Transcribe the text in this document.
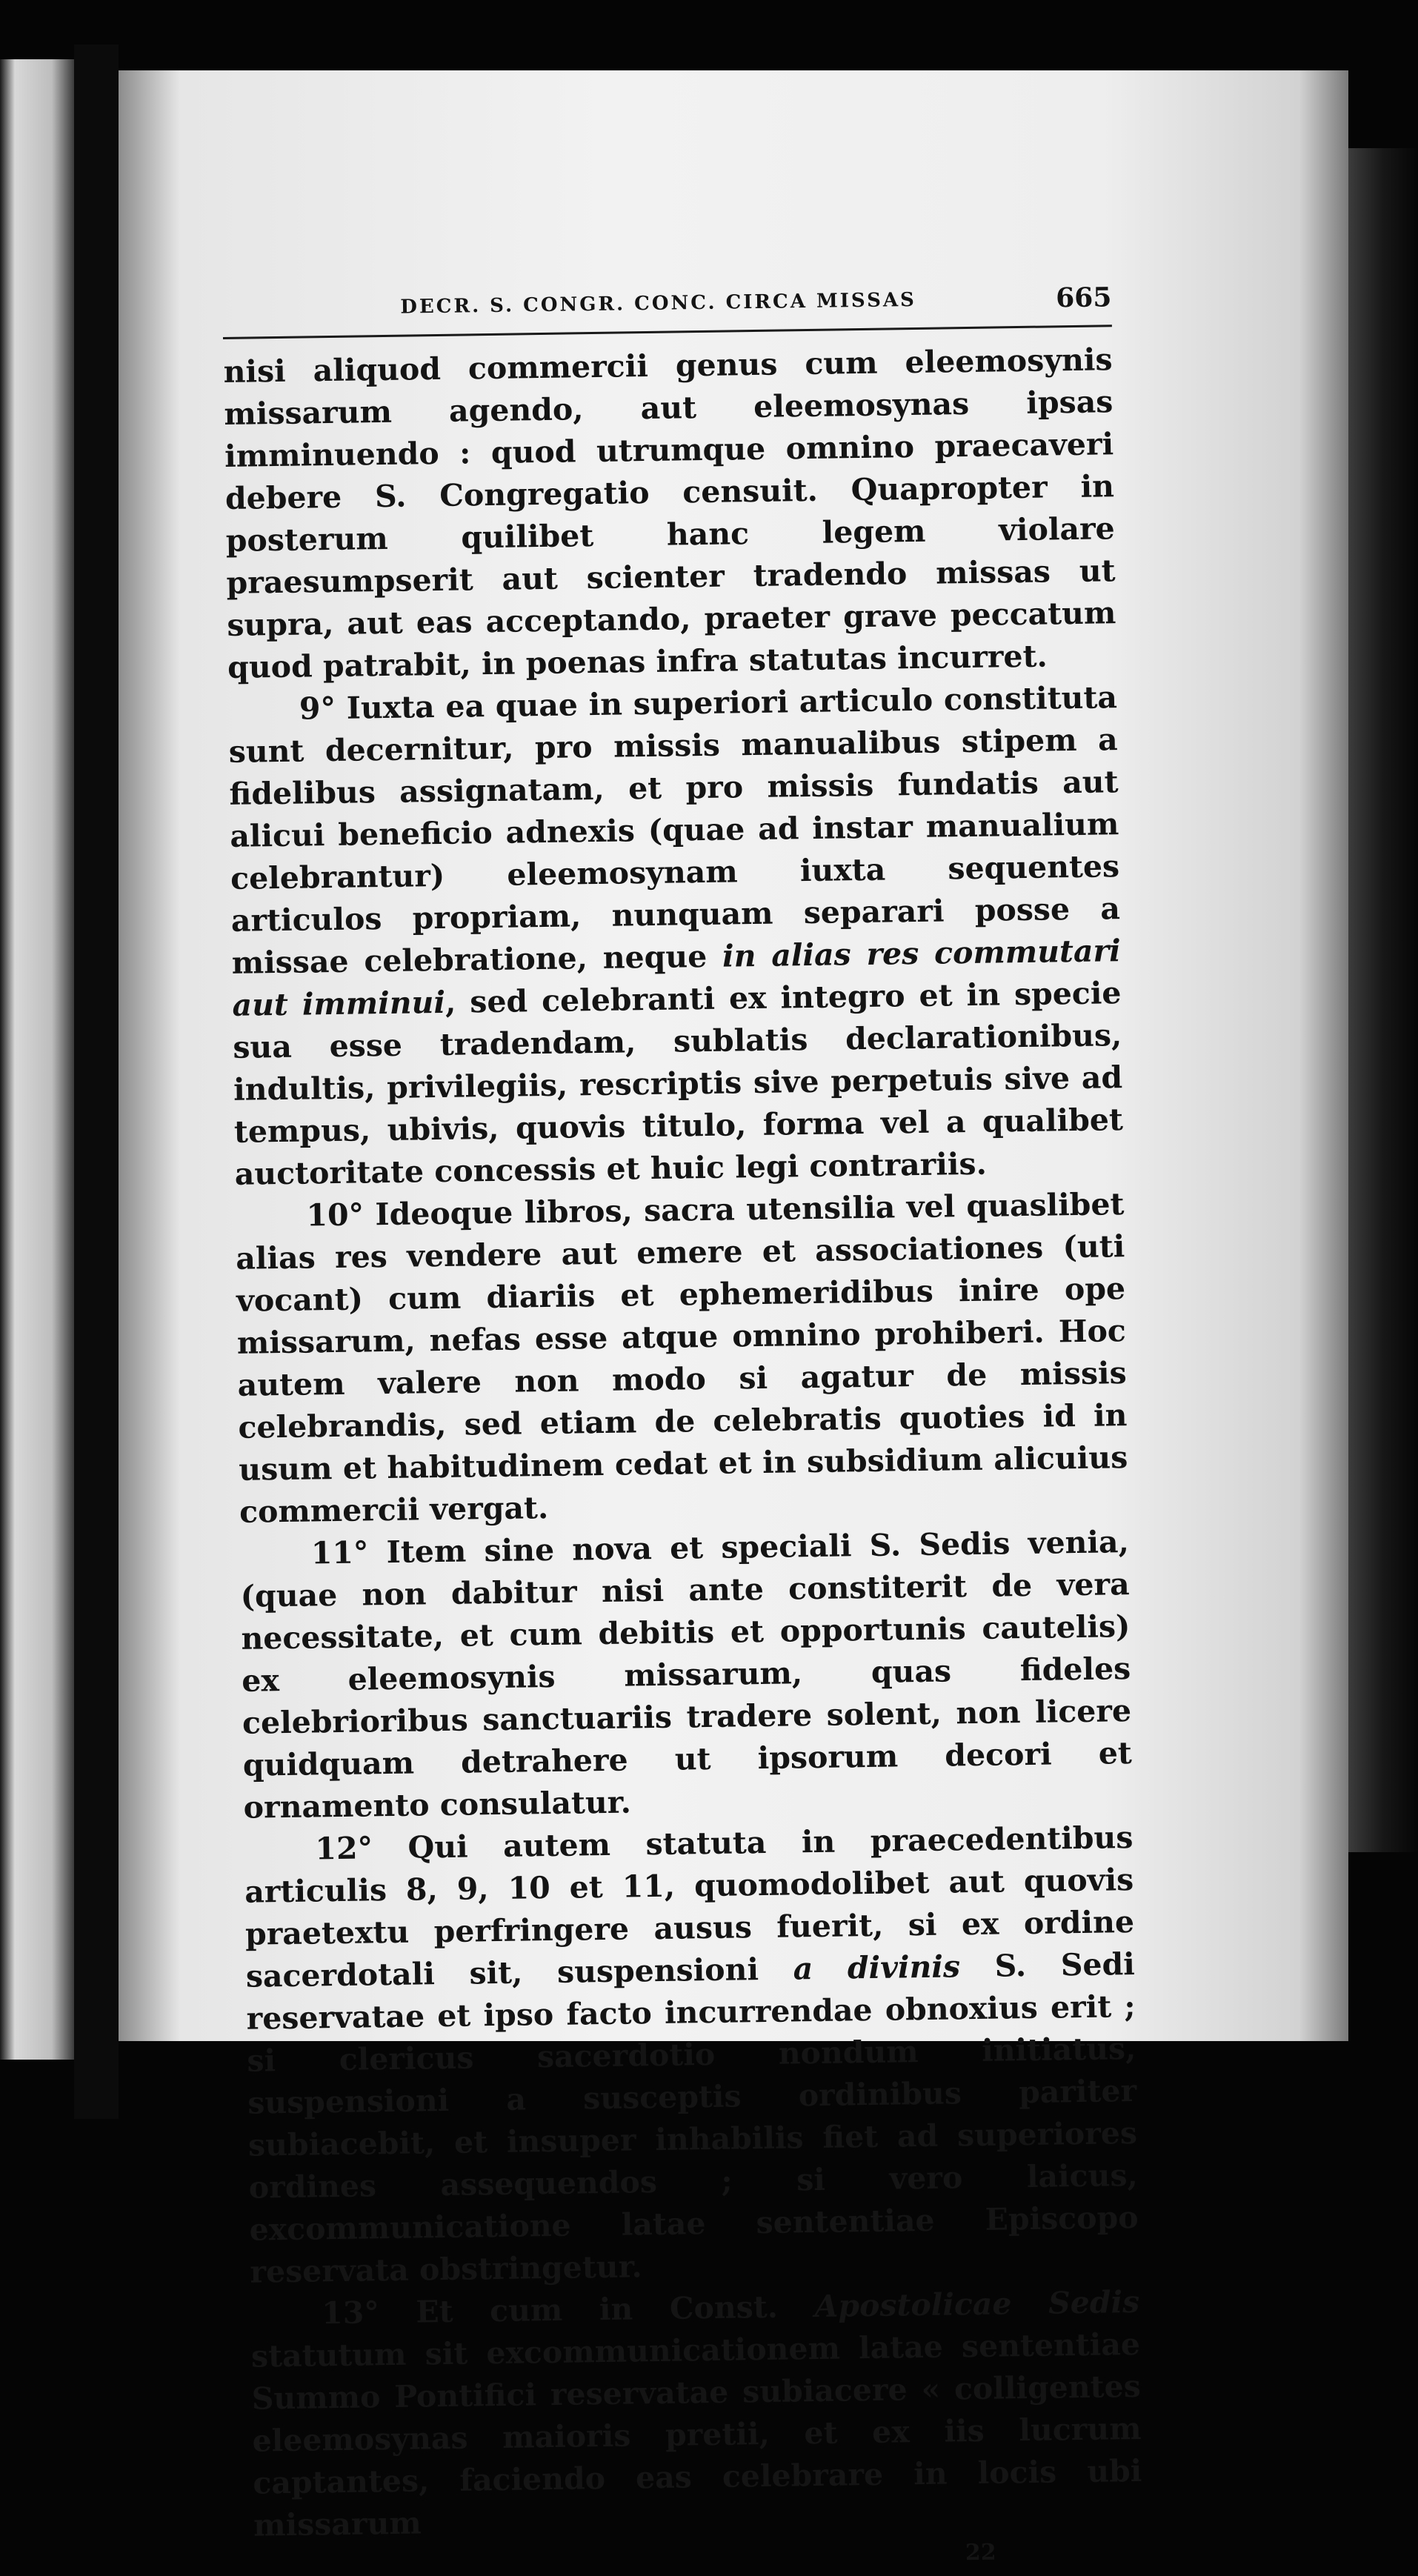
DECR. S. CONGR. CONC. CIRCA MISSAS	665

nisi aliquod commercii genus cum eleemosynis missarum agendo, aut eleemosynas ipsas imminuendo : quod utrumque omnino praecaveri debere S. Congregatio censuit. Quapropter in posterum quilibet hanc legem violare praesumpserit aut scienter tradendo missas ut supra, aut eas acceptando, praeter grave peccatum quod patrabit, in poenas infra statutas incurret.

9° Iuxta ea quae in superiori articulo constituta sunt decernitur, pro missis manualibus stipem a fidelibus assignatam, et pro missis fundatis aut alicui beneficio adnexis (quae ad instar manualium celebrantur) eleemosynam iuxta sequentes articulos propriam, nunquam separari posse a missae celebratione, neque in alias res commutari aut imminui, sed celebranti ex integro et in specie sua esse tradendam, sublatis declarationibus, indultis, privilegiis, rescriptis sive perpetuis sive ad tempus, ubivis, quovis titulo, forma vel a qualibet auctoritate concessis et huic legi contrariis.

10° Ideoque libros, sacra utensilia vel quaslibet alias res vendere aut emere et associationes (uti vocant) cum diariis et ephemeridibus inire ope missarum, nefas esse atque omnino prohiberi. Hoc autem valere non modo si agatur de missis celebrandis, sed etiam de celebratis quoties id in usum et habitudinem cedat et in subsidium alicuius commercii vergat.

11° Item sine nova et speciali S. Sedis venia, (quae non dabitur nisi ante constiterit de vera necessitate, et cum debitis et opportunis cautelis) ex eleemosynis missarum, quas fideles celebrioribus sanctuariis tradere solent, non licere quidquam detrahere ut ipsorum decori et ornamento consulatur.

12° Qui autem statuta in praecedentibus articulis 8, 9, 10 et 11, quomodolibet aut quovis praetextu perfringere ausus fuerit, si ex ordine sacerdotali sit, suspensioni a divinis S. Sedi reservatae et ipso facto incurrendae obnoxius erit ; si clericus sacerdotio nondum initiatus, suspensioni a susceptis ordinibus pariter subiacebit, et insuper inhabilis fiet ad superiores ordines assequendos ; si vero laicus, excommunicatione latae sententiae Episcopo reservata obstringetur.

13° Et cum in Const. Apostolicae Sedis statutum sit excommunicationem latae sententiae Summo Pontifici reservatae subiacere « colligentes eleemosynas maioris pretii, et ex iis lucrum captantes, faciendo eas celebrare in locis ubi missarum

22
